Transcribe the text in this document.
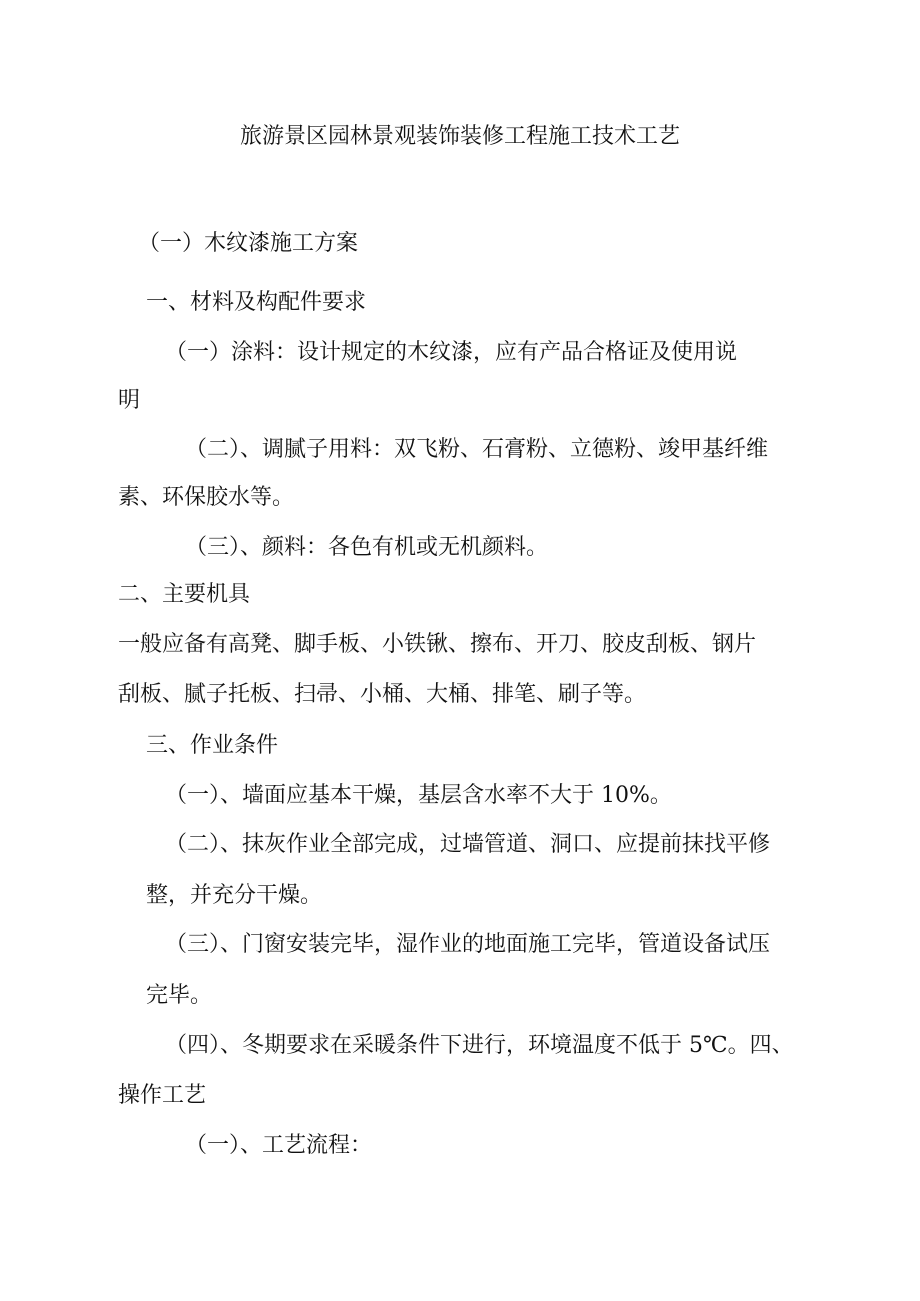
旅游景区园林景观装饰装修工程施工技术工艺
（一）木纹漆施工方案
一、材料及构配件要求
（一）涂料：设计规定的木纹漆，应有产品合格证及使用说
明
（二）、调腻子用料：双飞粉、石膏粉、立德粉、竣甲基纤维
素、环保胶水等。
（三）、颜料：各色有机或无机颜料。
二、主要机具
一般应备有高凳、脚手板、小铁锹、擦布、开刀、胶皮刮板、钢片
刮板、腻子托板、扫帚、小桶、大桶、排笔、刷子等。
三、作业条件
（一）、墙面应基本干燥，基层含水率不大于 10%。
（二）、抹灰作业全部完成，过墙管道、洞口、应提前抹找平修
整，并充分干燥。
（三）、门窗安装完毕，湿作业的地面施工完毕，管道设备试压
完毕。
（四）、冬期要求在采暖条件下进行，环境温度不低于 5℃。四、
操作工艺
（一）、工艺流程：
